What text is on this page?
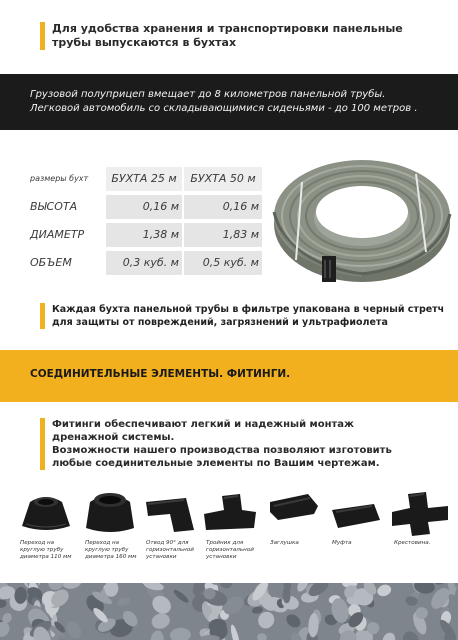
Для удобства хранения и транспортировки панельные
трубы выпускаются в бухтах
Грузовой полуприцеп вмещает до 8 километров панельной трубы.
Легковой автомобиль со складывающимися сиденьями - до 100 метров .
размеры бухт	БУХТА 25 м	БУХТА 50 м
ВЫСОТА	0,16 м	0,16 м
ДИАМЕТР	1,38 м	1,83 м
ОБЪЕМ	0,3 куб. м	0,5 куб. м
Каждая бухта панельной трубы в фильтре упакована в черный стретч
для защиты от повреждений, загрязнений и ультрафиолета
СОЕДИНИТЕЛЬНЫЕ ЭЛЕМЕНТЫ. ФИТИНГИ.
Фитинги обеспечивают легкий и надежный монтаж
дренажной системы.
Возможности нашего производства позволяют изготовить
любые соединительные элементы по Вашим чертежам.
Переход на
круглую трубу
диаметра 110 мм
Переход на
круглую трубу
диаметра 160 мм
Отвод 90° для
горизонтальной
установки
Тройник для
горизонтальной
установки
Заглушка	Муфта	Крестовина.
